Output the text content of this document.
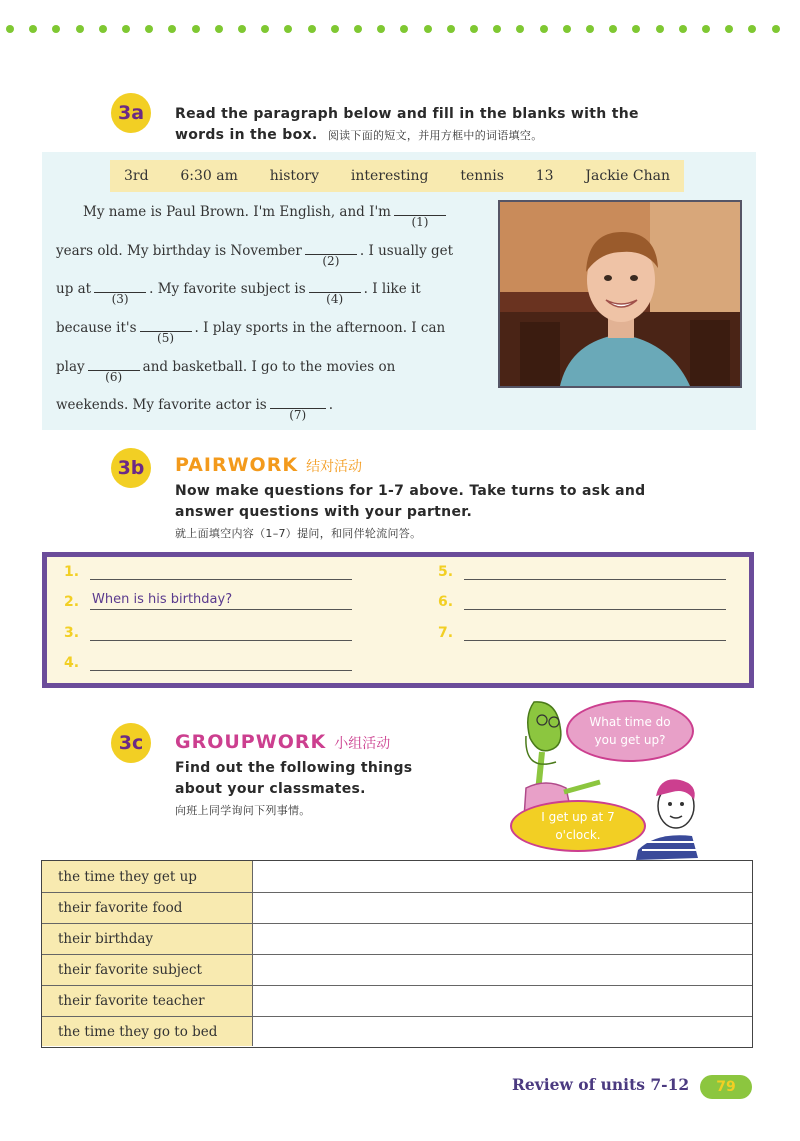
3a	Read the paragraph below and fill in the blanks with the
words in the box. 阅读下面的短文，并用方框中的词语填空。
3rd 6:30 am history interesting tennis 13 Jackie Chan
My name is Paul Brown. I'm English, and I'm
(1)
years old. My birthday is November
(2)
. I usually get
up at
(3)
. My favorite subject is
(4)
. I like it
because it's
(5)
. I play sports in the afternoon. I can
play
(6)
and basketball. I go to the movies on
weekends. My favorite actor is
(7)
.
3b	PAIRWORK 结对活动
Now make questions for 1-7 above. Take turns to ask and
answer questions with your partner.
就上面填空内容（1–7）提问，和同伴轮流问答。
1.
2. When is his birthday?
3.
4.
5.
6.
7.
3c	GROUPWORK 小组活动
Find out the following things
about your classmates.
向班上同学询问下列事情。
What time do
you get up?
I get up at 7
o'clock.
the time they get up
their favorite food
their birthday
their favorite subject
their favorite teacher
the time they go to bed
Review of units 7-12	79
